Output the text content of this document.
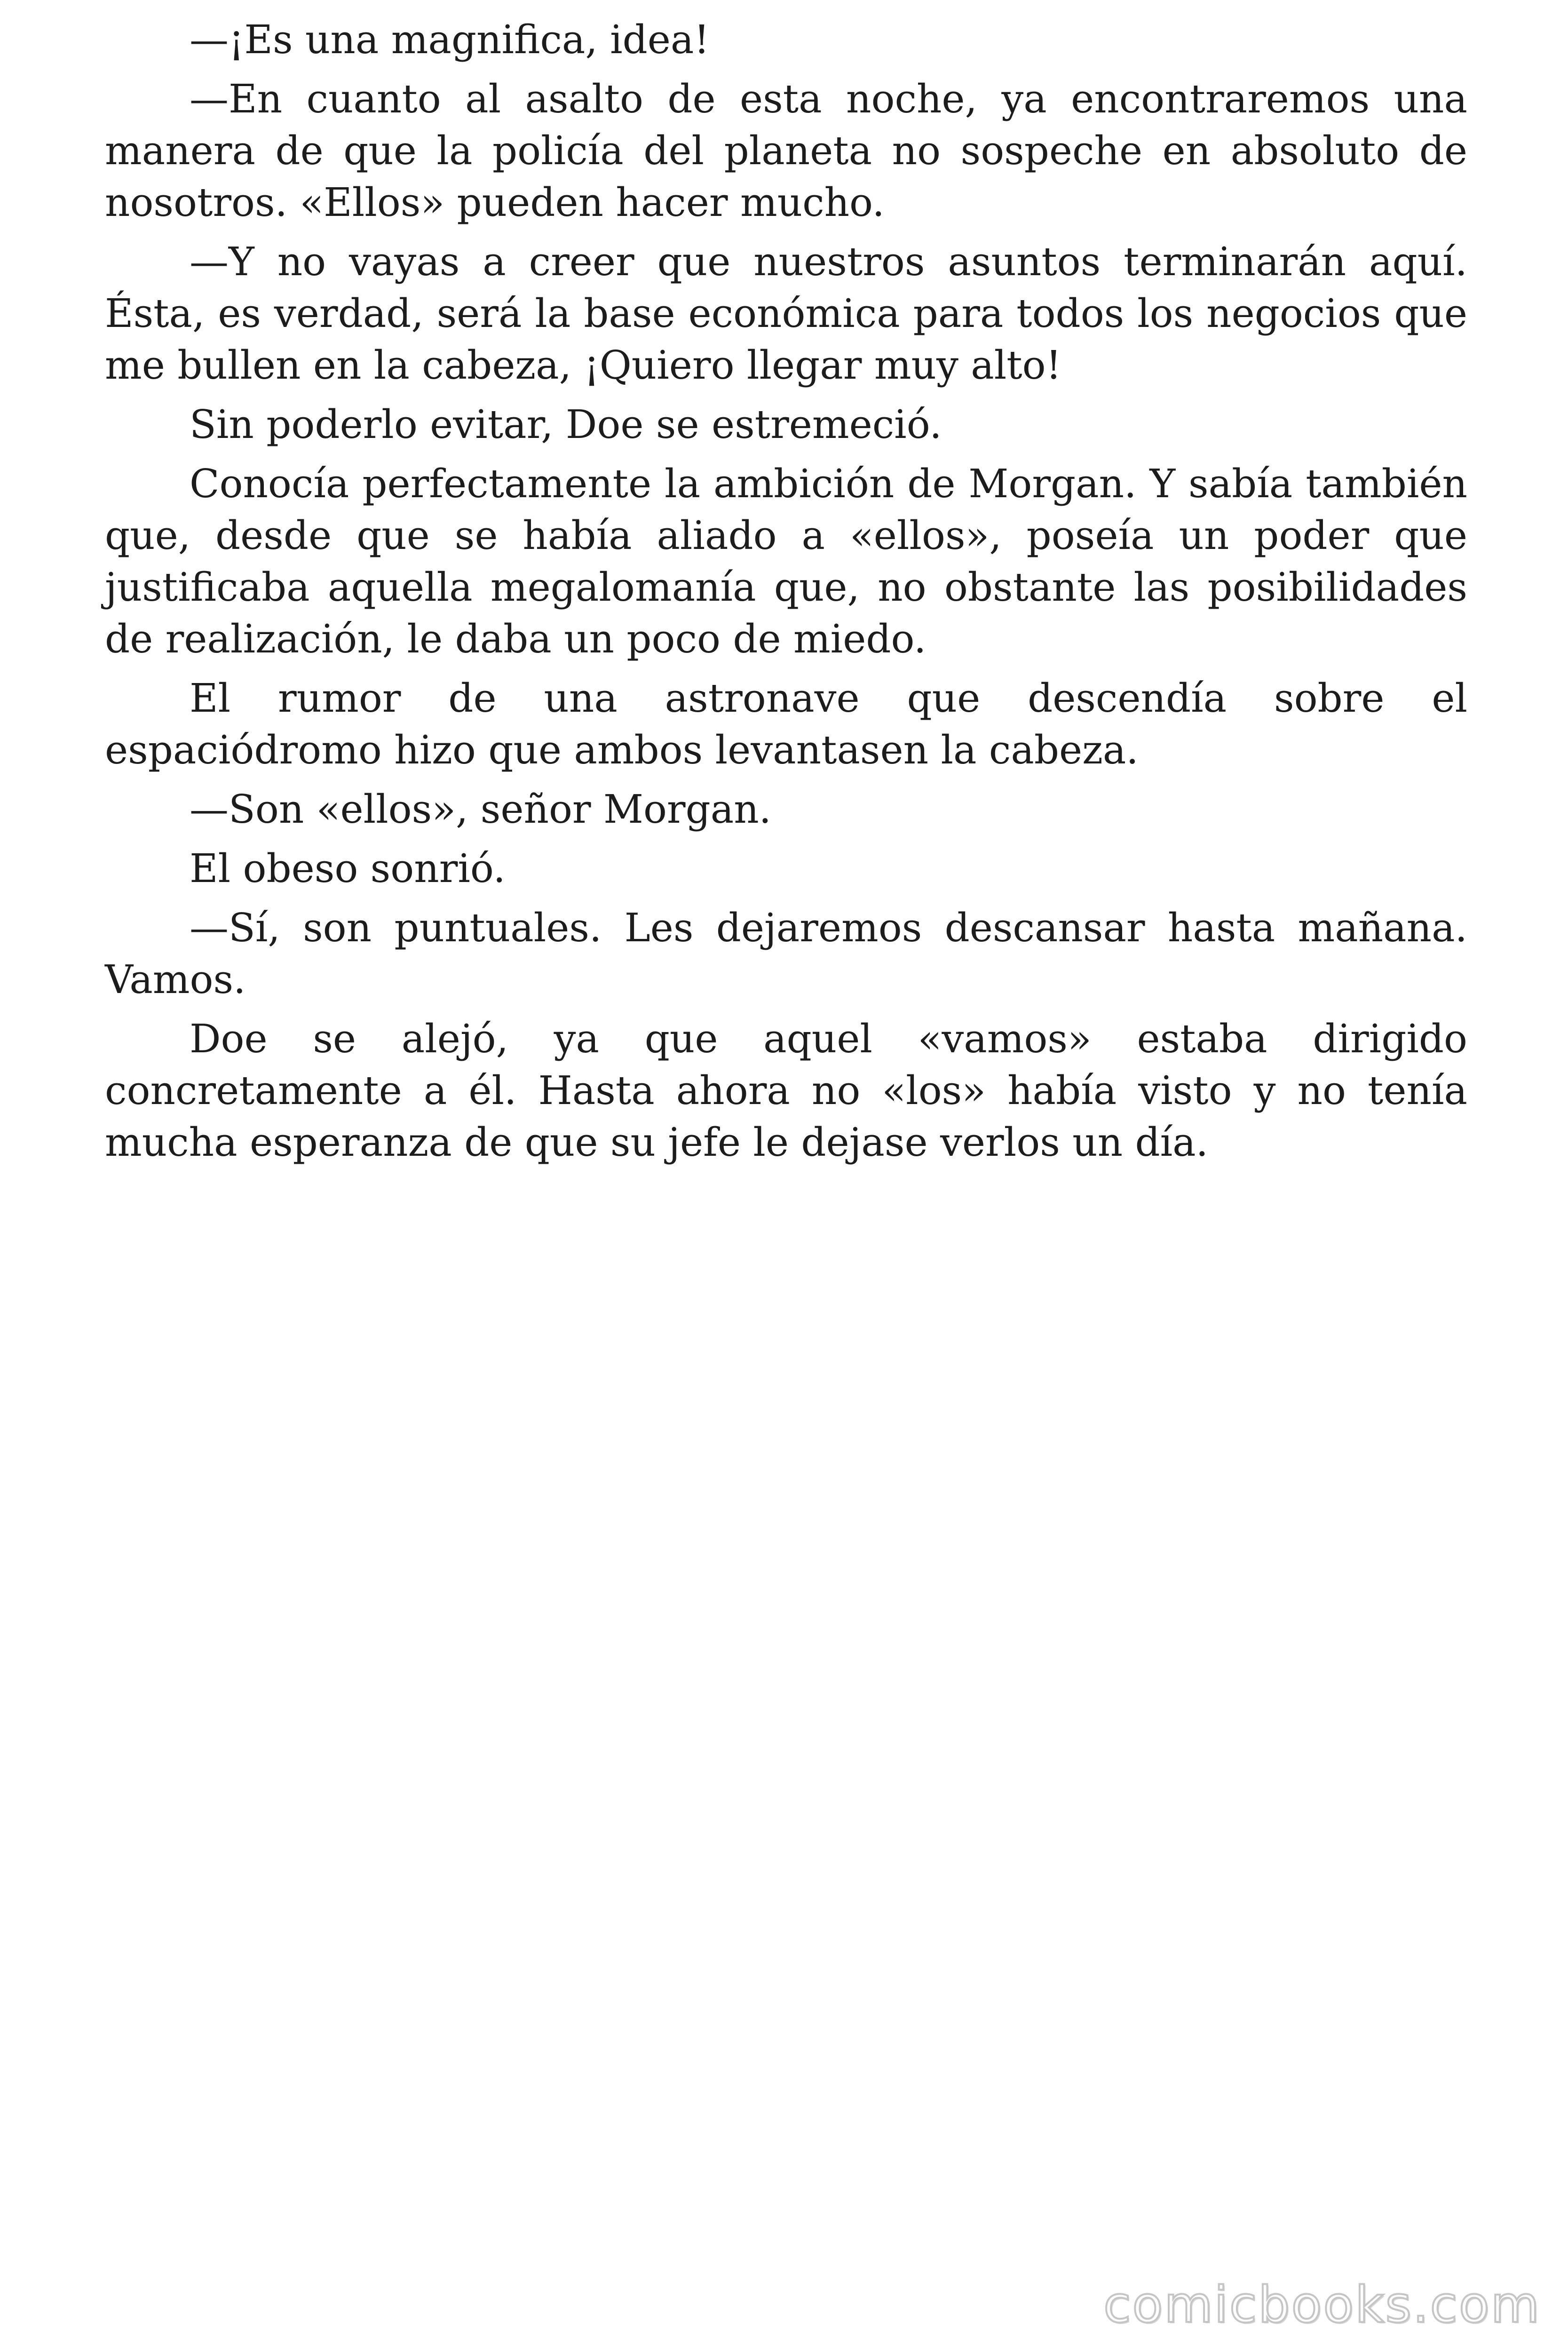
—¡Es una magnifica, idea!

—En cuanto al asalto de esta noche, ya encontraremos una manera de que la policía del planeta no sospeche en absoluto de nosotros. «Ellos» pueden hacer mucho.

—Y no vayas a creer que nuestros asuntos terminarán aquí. Ésta, es verdad, será la base económica para todos los negocios que me bullen en la cabeza, ¡Quiero llegar muy alto!

Sin poderlo evitar, Doe se estremeció.

Conocía perfectamente la ambición de Morgan. Y sabía también que, desde que se había aliado a «ellos», poseía un poder que justificaba aquella megalomanía que, no obstante las posibilidades de realización, le daba un poco de miedo.

El rumor de una astronave que descendía sobre el espaciódromo hizo que ambos levantasen la cabeza.

—Son «ellos», señor Morgan.

El obeso sonrió.

—Sí, son puntuales. Les dejaremos descansar hasta mañana. Vamos.

Doe se alejó, ya que aquel «vamos» estaba dirigido concretamente a él. Hasta ahora no «los» había visto y no tenía mucha esperanza de que su jefe le dejase verlos un día.

comicbooks.com
